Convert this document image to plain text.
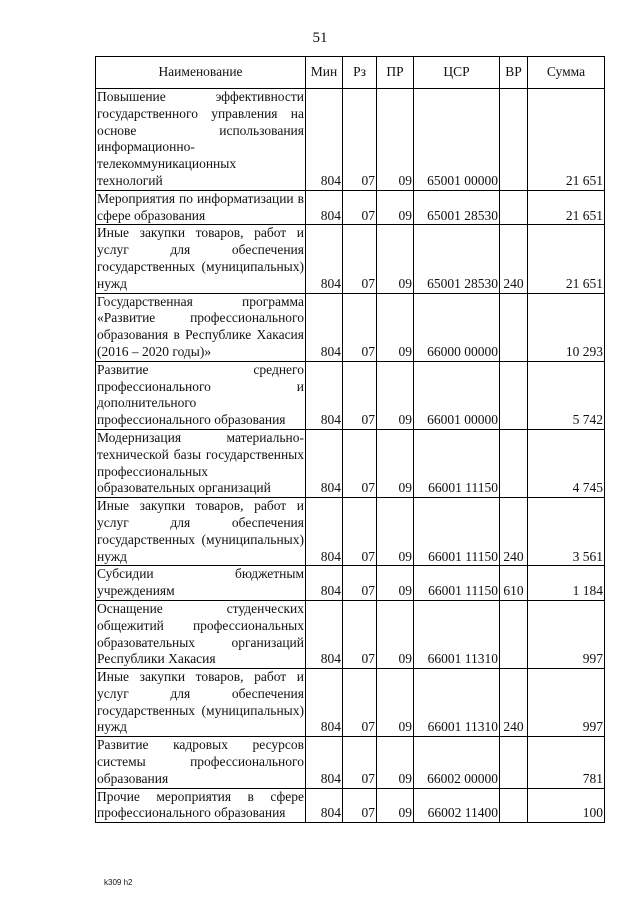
51
Наименование	Мин	Рз	ПР	ЦСР	ВР	Сумма
Повышение эффективности государственного управления на основе использования информационно-телекоммуникационных технологий	804	07	09	65001 00000		21 651
Мероприятия по информатизации в сфере образования	804	07	09	65001 28530		21 651
Иные закупки товаров, работ и услуг для обеспечения государственных (муниципальных) нужд	804	07	09	65001 28530	240	21 651
Государственная программа «Развитие профессионального образования в Республике Хакасия (2016 – 2020 годы)»	804	07	09	66000 00000		10 293
Развитие среднего профессионального и дополнительного профессионального образования	804	07	09	66001 00000		5 742
Модернизация материально-технической базы государственных профессиональных образовательных организаций	804	07	09	66001 11150		4 745
Иные закупки товаров, работ и услуг для обеспечения государственных (муниципальных) нужд	804	07	09	66001 11150	240	3 561
Субсидии бюджетным учреждениям	804	07	09	66001 11150	610	1 184
Оснащение студенческих общежитий профессиональных образовательных организаций Республики Хакасия	804	07	09	66001 11310		997
Иные закупки товаров, работ и услуг для обеспечения государственных (муниципальных) нужд	804	07	09	66001 11310	240	997
Развитие кадровых ресурсов системы профессионального образования	804	07	09	66002 00000		781
Прочие мероприятия в сфере профессионального образования	804	07	09	66002 11400		100
k309 h2
